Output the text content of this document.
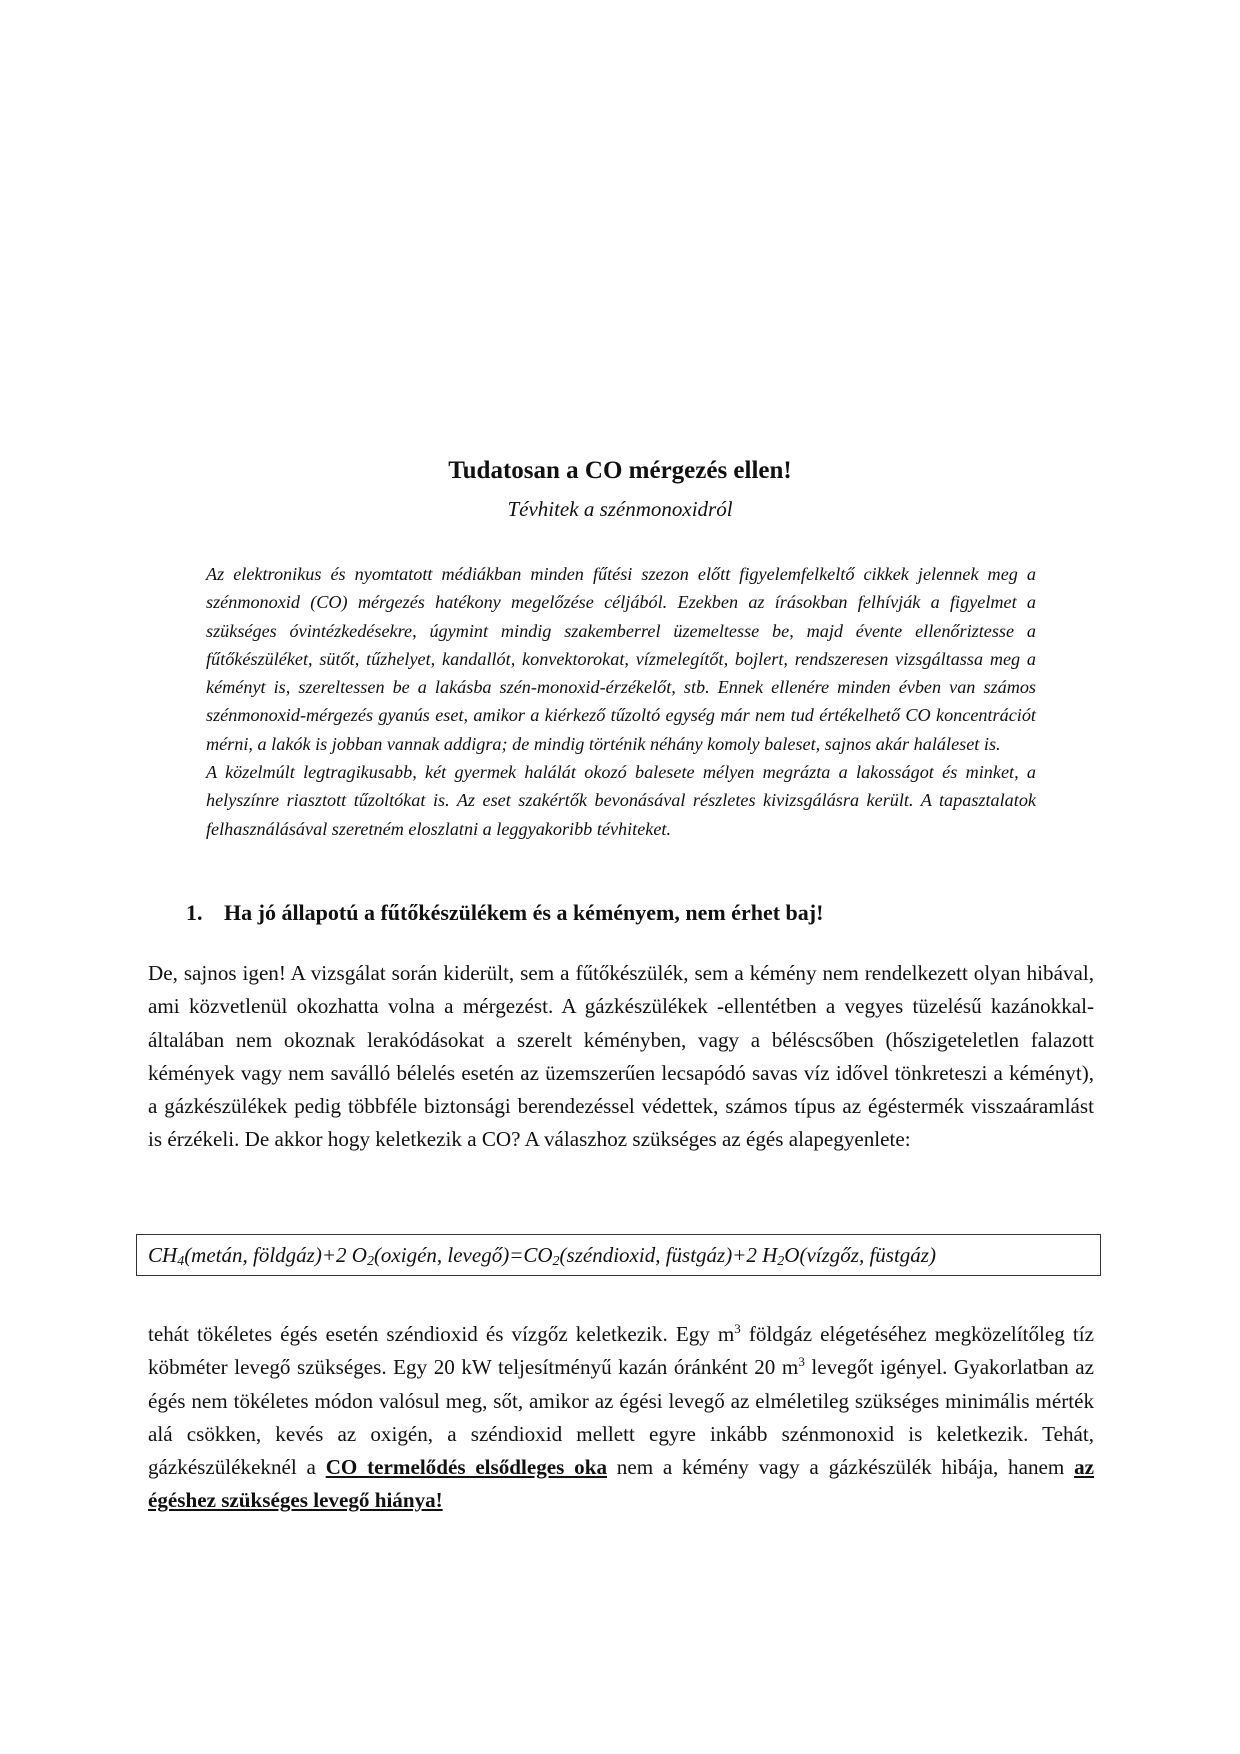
Tudatosan a CO mérgezés ellen!
Tévhitek a szénmonoxidról

Az elektronikus és nyomtatott médiákban minden fűtési szezon előtt figyelemfelkeltő cikkek jelennek meg a szénmonoxid (CO) mérgezés hatékony megelőzése céljából. Ezekben az írásokban felhívják a figyelmet a szükséges óvintézkedésekre, úgymint mindig szakemberrel üzemeltesse be, majd évente ellenőriztesse a fűtőkészüléket, sütőt, tűzhelyet, kandallót, konvektorokat, vízmelegítőt, bojlert, rendszeresen vizsgáltassa meg a kéményt is, szereltessen be a lakásba szén-monoxid-érzékelőt, stb. Ennek ellenére minden évben van számos szénmonoxid-mérgezés gyanús eset, amikor a kiérkező tűzoltó egység már nem tud értékelhető CO koncentrációt mérni, a lakók is jobban vannak addigra; de mindig történik néhány komoly baleset, sajnos akár haláleset is.

A közelmúlt legtragikusabb, két gyermek halálát okozó balesete mélyen megrázta a lakosságot és minket, a helyszínre riasztott tűzoltókat is. Az eset szakértők bevonásával részletes kivizsgálásra került. A tapasztalatok felhasználásával szeretném eloszlatni a leggyakoribb tévhiteket.

1. Ha jó állapotú a fűtőkészülékem és a kéményem, nem érhet baj!
De, sajnos igen! A vizsgálat során kiderült, sem a fűtőkészülék, sem a kémény nem rendelkezett olyan hibával, ami közvetlenül okozhatta volna a mérgezést. A gázkészülékek -ellentétben a vegyes tüzelésű kazánokkal- általában nem okoznak lerakódásokat a szerelt kéményben, vagy a béléscsőben (hőszigeteletlen falazott kémények vagy nem saválló bélelés esetén az üzemszerűen lecsapódó savas víz idővel tönkreteszi a kéményt), a gázkészülékek pedig többféle biztonsági berendezéssel védettek, számos típus az égéstermék visszaáramlást is érzékeli. De akkor hogy keletkezik a CO? A válaszhoz szükséges az égés alapegyenlete:
$CH_4(metán$, földgáz)+2 $O_2(oxigén$, $levegő)=CO_2(széndioxid$, füstgáz)+2 $H_2O(vízgőz$, füstgáz)
tehát tökéletes égés esetén széndioxid és vízgőz keletkezik. Egy $m^3$ földgáz elégetéséhez megközelítőleg tíz köbméter levegő szükséges. Egy 20 kW teljesítményű kazán óránként 20 $m^3$ levegőt igényel. Gyakorlatban az égés nem tökéletes módon valósul meg, sőt, amikor az égési levegő az elméletileg szükséges minimális mérték alá csökken, kevés az oxigén, a széndioxid mellett egyre inkább szénmonoxid is keletkezik. Tehát, gázkészülékeknél a CO termelődés elsődleges oka nem a kémény vagy a gázkészülék hibája, hanem az égéshez szükséges levegő hiánya!
